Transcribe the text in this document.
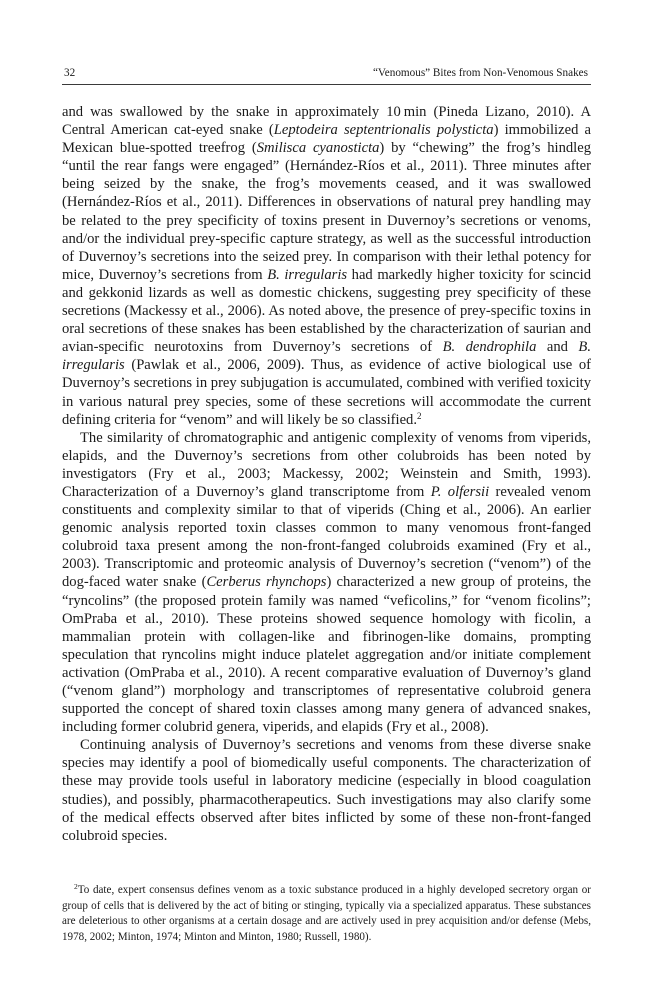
32	“Venomous” Bites from Non-Venomous Snakes

and was swallowed by the snake in approximately 10 min (Pineda Lizano, 2010). A Central American cat-eyed snake (Leptodeira septentrionalis polysticta) immobilized a Mexican blue-spotted treefrog (Smilisca cyanosticta) by “chewing” the frog’s hindleg “until the rear fangs were engaged” (Hernández-Ríos et al., 2011). Three minutes after being seized by the snake, the frog’s movements ceased, and it was swallowed (Hernández-Ríos et al., 2011). Differences in observations of natural prey handling may be related to the prey specificity of toxins present in Duvernoy’s secretions or venoms, and/or the individual prey-specific capture strategy, as well as the successful introduction of Duvernoy’s secretions into the seized prey. In comparison with their lethal potency for mice, Duvernoy’s secretions from B. irregularis had markedly higher toxicity for scincid and gekkonid lizards as well as domestic chickens, suggesting prey specificity of these secretions (Mackessy et al., 2006). As noted above, the presence of prey-specific toxins in oral secretions of these snakes has been established by the characterization of saurian and avian-specific neurotoxins from Duvernoy’s secretions of B. dendrophila and B. irregularis (Pawlak et al., 2006, 2009). Thus, as evidence of active biological use of Duvernoy’s secretions in prey subjugation is accumulated, combined with verified toxicity in various natural prey species, some of these secretions will accommodate the current defining criteria for “venom” and will likely be so classified.$^2$

The similarity of chromatographic and antigenic complexity of venoms from viperids, elapids, and the Duvernoy’s secretions from other colubroids has been noted by investigators (Fry et al., 2003; Mackessy, 2002; Weinstein and Smith, 1993). Characterization of a Duvernoy’s gland transcriptome from P. olfersii revealed venom constituents and complexity similar to that of viperids (Ching et al., 2006). An earlier genomic analysis reported toxin classes common to many venomous front-fanged colubroid taxa present among the non-front-fanged colubroids examined (Fry et al., 2003). Transcriptomic and proteomic analysis of Duvernoy’s secretion (“venom”) of the dog-faced water snake (Cerberus rhynchops) characterized a new group of proteins, the “ryncolins” (the proposed protein family was named “veficolins,” for “venom ficolins”; OmPraba et al., 2010). These proteins showed sequence homology with ficolin, a mammalian protein with collagen-like and fibrinogen-like domains, prompting speculation that ryncolins might induce platelet aggregation and/or initiate complement activation (OmPraba et al., 2010). A recent comparative evaluation of Duvernoy’s gland (“venom gland”) morphology and transcriptomes of representative colubroid genera supported the concept of shared toxin classes among many genera of advanced snakes, including former colubrid genera, viperids, and elapids (Fry et al., 2008).

Continuing analysis of Duvernoy’s secretions and venoms from these diverse snake species may identify a pool of biomedically useful components. The characterization of these may provide tools useful in laboratory medicine (especially in blood coagulation studies), and possibly, pharmacotherapeutics. Such investigations may also clarify some of the medical effects observed after bites inflicted by some of these non-front-fanged colubroid species.

$^2$To date, expert consensus defines venom as a toxic substance produced in a highly developed secretory organ or group of cells that is delivered by the act of biting or stinging, typically via a specialized apparatus. These substances are deleterious to other organisms at a certain dosage and are actively used in prey acquisition and/or defense (Mebs, 1978, 2002; Minton, 1974; Minton and Minton, 1980; Russell, 1980).
